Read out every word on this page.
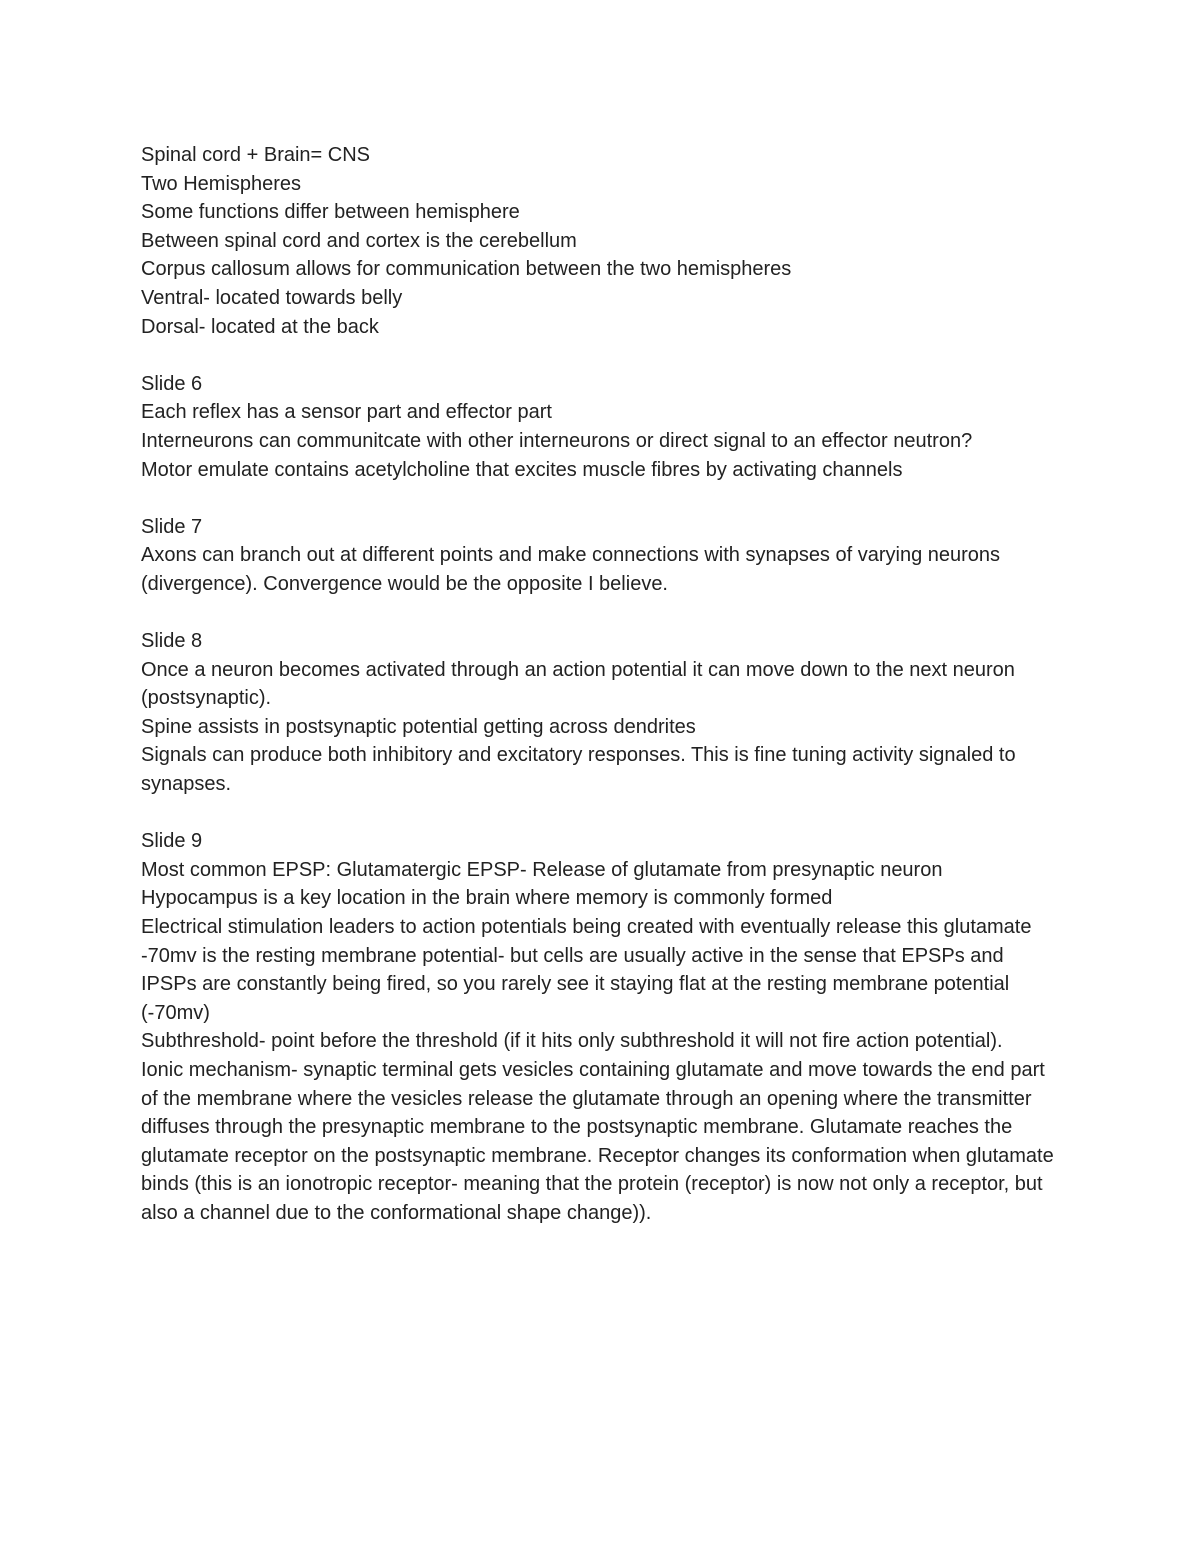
Spinal cord + Brain= CNS

Two Hemispheres

Some functions differ between hemisphere

Between spinal cord and cortex is the cerebellum

Corpus callosum allows for communication between the two hemispheres

Ventral- located towards belly

Dorsal- located at the back

Slide 6

Each reflex has a sensor part and effector part

Interneurons can communitcate with other interneurons or direct signal to an effector neutron?

Motor emulate contains acetylcholine that excites muscle fibres by activating channels

Slide 7

Axons can branch out at different points and make connections with synapses of varying neurons (divergence). Convergence would be the opposite I believe.

Slide 8

Once a neuron becomes activated through an action potential it can move down to the next neuron (postsynaptic).

Spine assists in postsynaptic potential getting across dendrites

Signals can produce both inhibitory and excitatory responses. This is fine tuning activity signaled to synapses.

Slide 9

Most common EPSP: Glutamatergic EPSP- Release of glutamate from presynaptic neuron

Hypocampus is a key location in the brain where memory is commonly formed

Electrical stimulation leaders to action potentials being created with eventually release this glutamate

-70mv is the resting membrane potential- but cells are usually active in the sense that EPSPs and IPSPs are constantly being fired, so you rarely see it staying flat at the resting membrane potential (-70mv)

Subthreshold- point before the threshold (if it hits only subthreshold it will not fire action potential).

Ionic mechanism- synaptic terminal gets vesicles containing glutamate and move towards the end part of the membrane where the vesicles release the glutamate through an opening where the transmitter diffuses through the presynaptic membrane to the postsynaptic membrane. Glutamate reaches the glutamate receptor on the postsynaptic membrane. Receptor changes its conformation when glutamate binds (this is an ionotropic receptor- meaning that the protein (receptor) is now not only a receptor, but also a channel due to the conformational shape change)).
